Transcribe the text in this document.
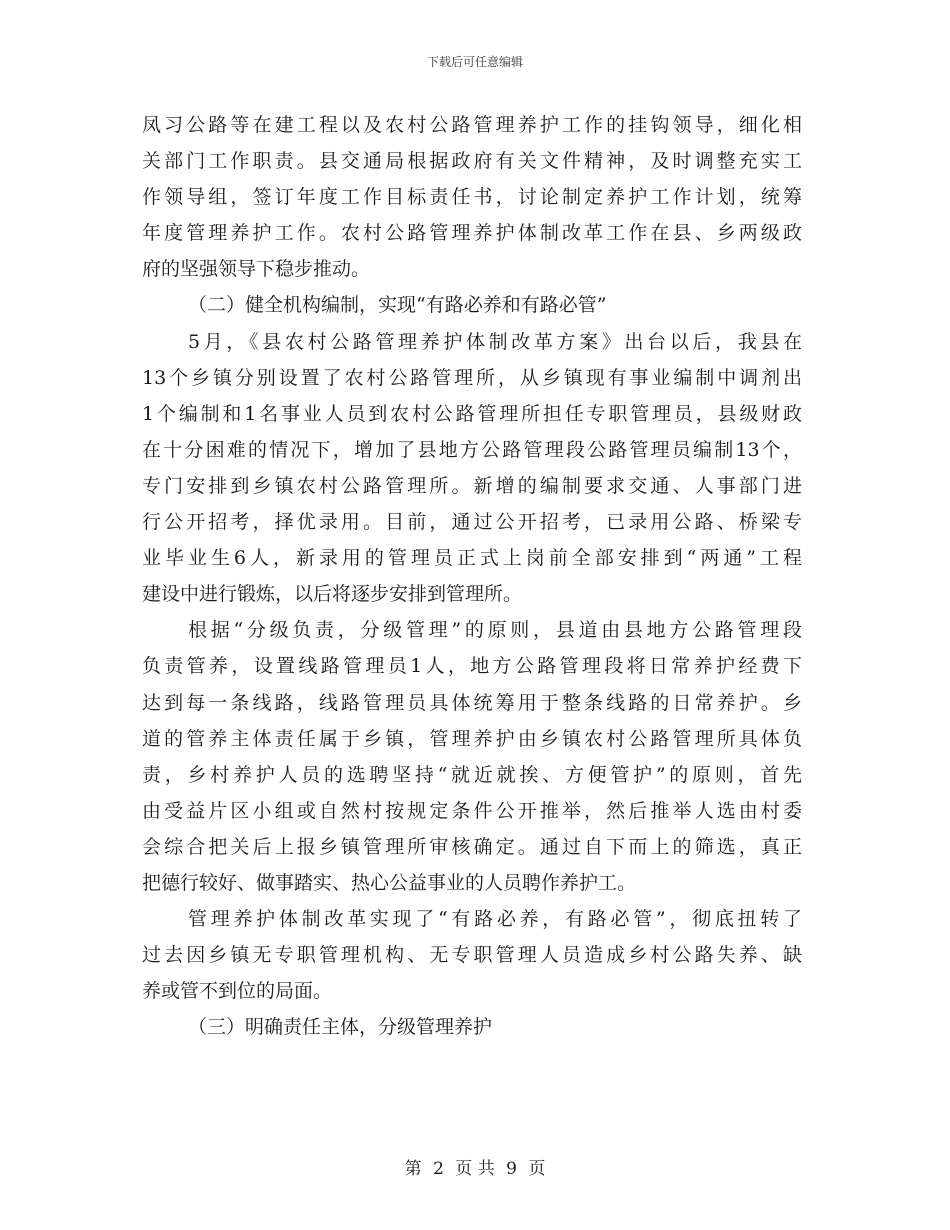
下载后可任意编辑
凤习公路等在建工程以及农村公路管理养护工作的挂钩领导，细化相
关部门工作职责。县交通局根据政府有关文件精神，及时调整充实工
作领导组，签订年度工作目标责任书，讨论制定养护工作计划，统筹
年度管理养护工作。农村公路管理养护体制改革工作在县、乡两级政
府的坚强领导下稳步推动。
（二）健全机构编制，实现“有路必养和有路必管”
5月，《县农村公路管理养护体制改革方案》出台以后，我县在
13个乡镇分别设置了农村公路管理所，从乡镇现有事业编制中调剂出
1个编制和1名事业人员到农村公路管理所担任专职管理员，县级财政
在十分困难的情况下，增加了县地方公路管理段公路管理员编制13个，
专门安排到乡镇农村公路管理所。新增的编制要求交通、人事部门进
行公开招考，择优录用。目前，通过公开招考，已录用公路、桥梁专
业毕业生6人，新录用的管理员正式上岗前全部安排到“两通”工程
建设中进行锻炼，以后将逐步安排到管理所。
根据“分级负责，分级管理”的原则，县道由县地方公路管理段
负责管养，设置线路管理员1人，地方公路管理段将日常养护经费下
达到每一条线路，线路管理员具体统筹用于整条线路的日常养护。乡
道的管养主体责任属于乡镇，管理养护由乡镇农村公路管理所具体负
责，乡村养护人员的选聘坚持“就近就挨、方便管护”的原则，首先
由受益片区小组或自然村按规定条件公开推举，然后推举人选由村委
会综合把关后上报乡镇管理所审核确定。通过自下而上的筛选，真正
把德行较好、做事踏实、热心公益事业的人员聘作养护工。
管理养护体制改革实现了“有路必养，有路必管”，彻底扭转了
过去因乡镇无专职管理机构、无专职管理人员造成乡村公路失养、缺
养或管不到位的局面。
（三）明确责任主体，分级管理养护
第 2 页 共 9 页
